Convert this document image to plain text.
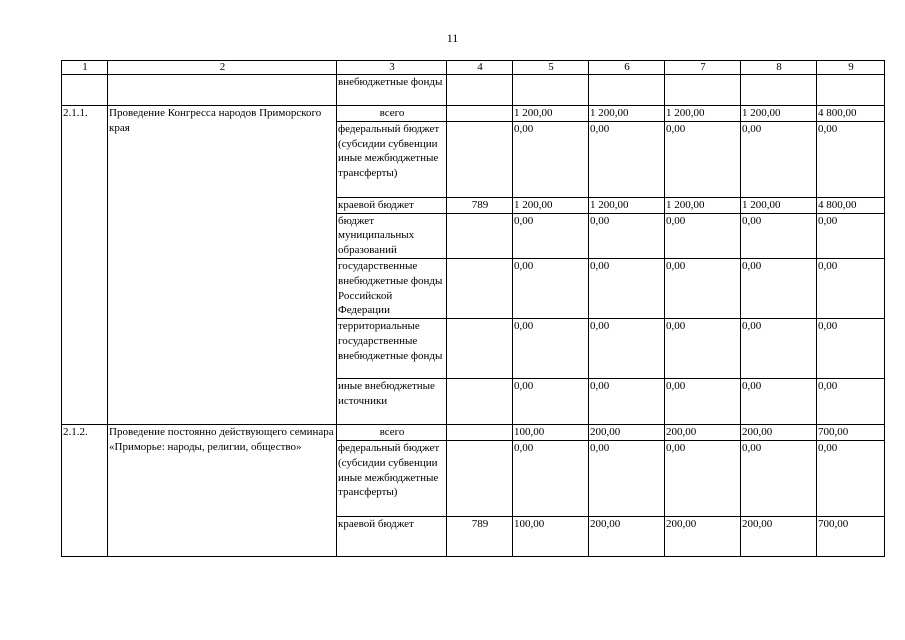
11
1	2	3	4	5	6	7	8	9
		внебюджетные фонды						
2.1.1.	Проведение Конгресса народов Приморского края	всего		1 200,00	1 200,00	1 200,00	1 200,00	4 800,00
		федеральный бюджет (субсидии субвенции иные межбюджетные трансферты)		0,00	0,00	0,00	0,00	0,00
		краевой бюджет	789	1 200,00	1 200,00	1 200,00	1 200,00	4 800,00
		бюджет муниципальных образований		0,00	0,00	0,00	0,00	0,00
		государственные внебюджетные фонды Российской Федерации		0,00	0,00	0,00	0,00	0,00
		территориальные государственные внебюджетные фонды		0,00	0,00	0,00	0,00	0,00
		иные внебюджетные источники		0,00	0,00	0,00	0,00	0,00
2.1.2.	Проведение постоянно действующего семинара «Приморье: народы, религии, общество»	всего		100,00	200,00	200,00	200,00	700,00
		федеральный бюджет (субсидии субвенции иные межбюджетные трансферты)		0,00	0,00	0,00	0,00	0,00
		краевой бюджет	789	100,00	200,00	200,00	200,00	700,00
